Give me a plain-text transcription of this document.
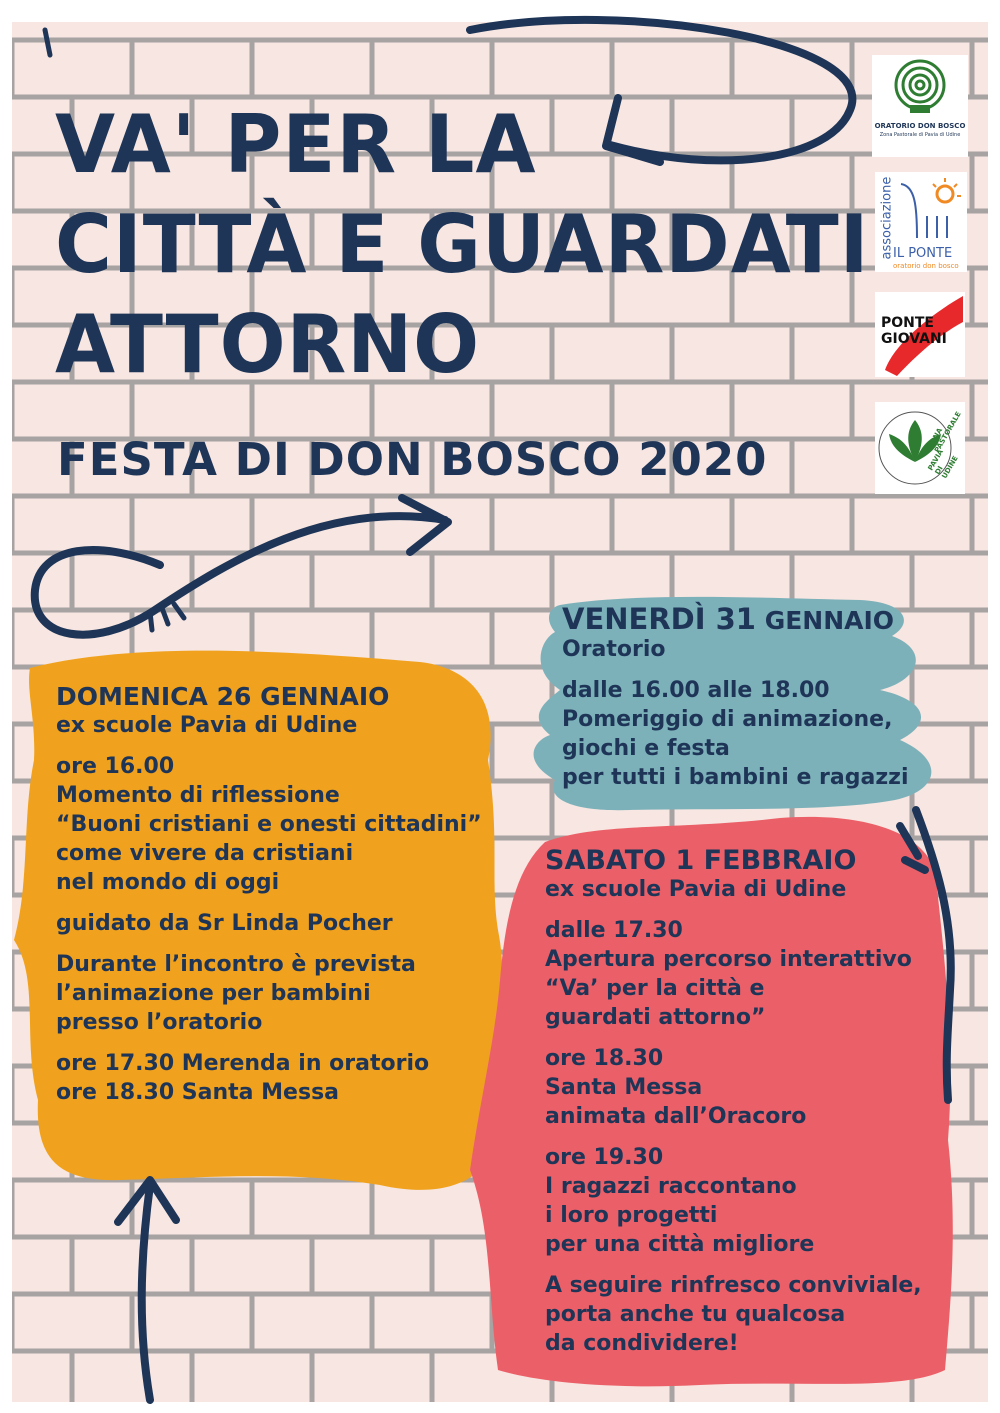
VA' PER LA
CITTÀ E GUARDATI
ATTORNO
FESTA DI DON BOSCO 2020
ORATORIO DON BOSCO
Zona Pastorale di Pavia di Udine
associazione
IL PONTE
oratorio don bosco
PONTE
GIOVANI
ZONA PASTORALE
PAVIA DI UDINE

DOMENICA 26 GENNAIO

ex scuole Pavia di Udine

ore 16.00

Momento di riflessione

“Buoni cristiani e onesti cittadini”

come vivere da cristiani

nel mondo di oggi

guidato da Sr Linda Pocher

Durante l’incontro è prevista

l’animazione per bambini

presso l’oratorio

ore 17.30 Merenda in oratorio

ore 18.30 Santa Messa

VENERDÌ 31 GENNAIO

Oratorio

dalle 16.00 alle 18.00

Pomeriggio di animazione,

giochi e festa

per tutti i bambini e ragazzi

SABATO 1 FEBBRAIO

ex scuole Pavia di Udine

dalle 17.30

Apertura percorso interattivo

“Va’ per la città e

guardati attorno”

ore 18.30

Santa Messa

animata dall’Oracoro

ore 19.30

I ragazzi raccontano

i loro progetti

per una città migliore

A seguire rinfresco conviviale,

porta anche tu qualcosa

da condividere!
